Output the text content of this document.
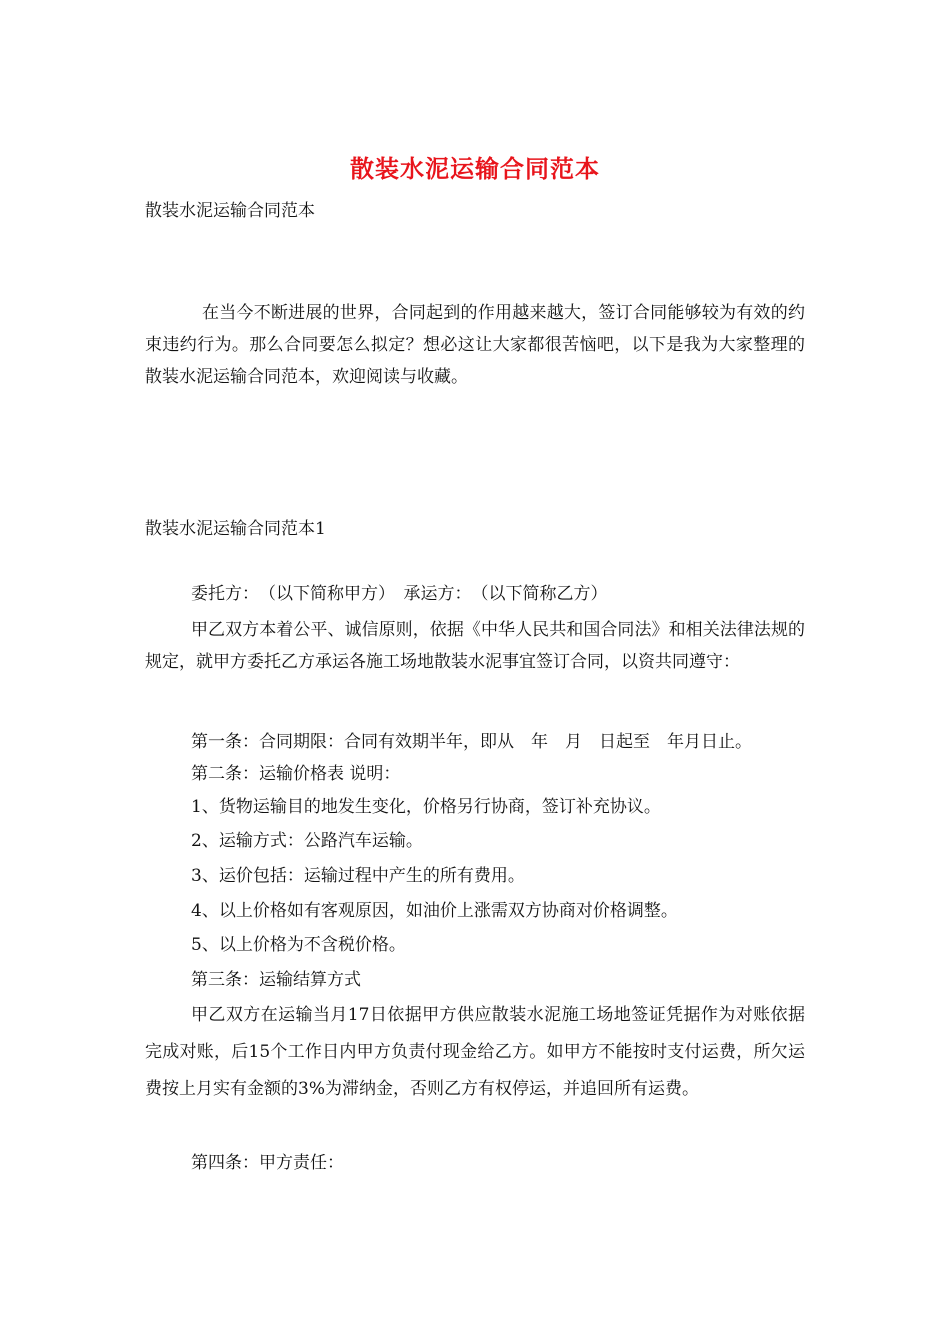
散装水泥运输合同范本

散装水泥运输合同范本

在当今不断进展的世界，合同起到的作用越来越大，签订合同能够较为有效的约束违约行为。那么合同要怎么拟定？想必这让大家都很苦恼吧，以下是我为大家整理的散装水泥运输合同范本，欢迎阅读与收藏。

散装水泥运输合同范本1

委托方：　（以下简称甲方）　承运方：　（以下简称乙方）

甲乙双方本着公平、诚信原则，依据《中华人民共和国合同法》和相关法律法规的规定，就甲方委托乙方承运各施工场地散装水泥事宜签订合同，以资共同遵守：

第一条：合同期限：合同有效期半年，即从　年　月　日起至　年月日止。

第二条：运输价格表 说明：

1、货物运输目的地发生变化，价格另行协商，签订补充协议。

2、运输方式：公路汽车运输。

3、运价包括：运输过程中产生的所有费用。

4、以上价格如有客观原因，如油价上涨需双方协商对价格调整。

5、以上价格为不含税价格。

第三条：运输结算方式

甲乙双方在运输当月17日依据甲方供应散装水泥施工场地签证凭据作为对账依据完成对账，后15个工作日内甲方负责付现金给乙方。如甲方不能按时支付运费，所欠运费按上月实有金额的3%为滞纳金，否则乙方有权停运，并追回所有运费。

第四条：甲方责任：
